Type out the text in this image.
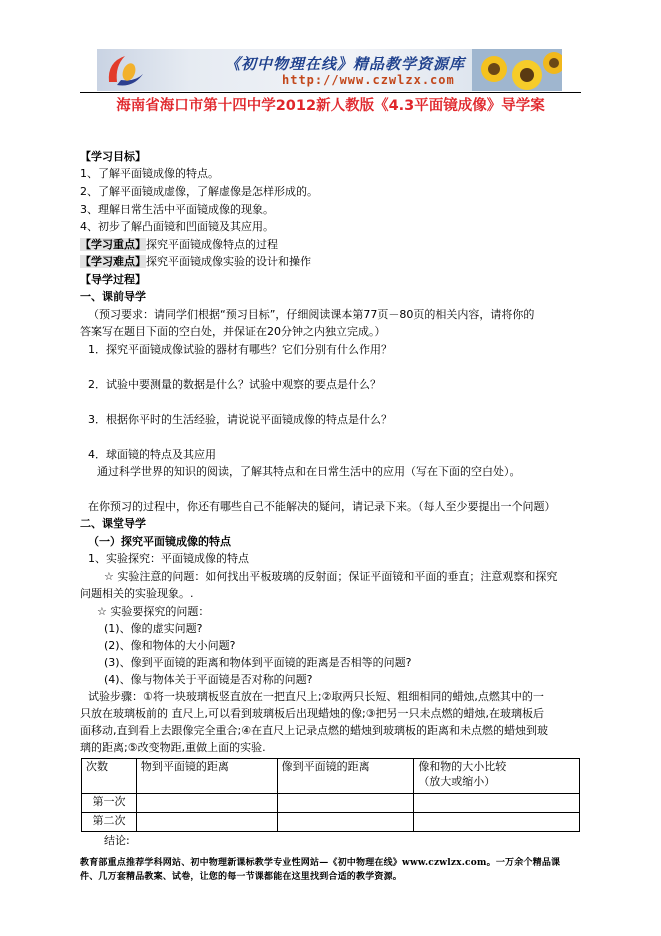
《初中物理在线》精品教学资源库
http://www.czwlzx.com
海南省海口市第十四中学2012新人教版《4.3平面镜成像》导学案
【学习目标】
1、了解平面镜成像的特点。
2、了解平面镜成虚像，了解虚像是怎样形成的。
3、理解日常生活中平面镜成像的现象。
4、初步了解凸面镜和凹面镜及其应用。
【学习重点】探究平面镜成像特点的过程
【学习难点】探究平面镜成像实验的设计和操作
【导学过程】
一、课前导学
（预习要求：请同学们根据“预习目标”，仔细阅读课本第77页－80页的相关内容，请将你的
答案写在题目下面的空白处，并保证在20分钟之内独立完成。）
1．探究平面镜成像试验的器材有哪些？它们分别有什么作用？
2．试验中要测量的数据是什么？试验中观察的要点是什么？
3．根据你平时的生活经验，请说说平面镜成像的特点是什么？
4．球面镜的特点及其应用
通过科学世界的知识的阅读，了解其特点和在日常生活中的应用（写在下面的空白处）。
在你预习的过程中，你还有哪些自己不能解决的疑问，请记录下来。（每人至少要提出一个问题）
二、课堂导学
（一）探究平面镜成像的特点
1、实验探究：平面镜成像的特点
☆ 实验注意的问题：如何找出平板玻璃的反射面；保证平面镜和平面的垂直；注意观察和探究
问题相关的实验现象。.
☆ 实验要探究的问题：
(1)、像的虚实问题?
(2)、像和物体的大小问题?
(3)、像到平面镜的距离和物体到平面镜的距离是否相等的问题?
(4)、像与物体关于平面镜是否对称的问题?
试验步骤：①将一块玻璃板竖直放在一把直尺上;②取两只长短、粗细相同的蜡烛,点燃其中的一
只放在玻璃板前的 直尺上,可以看到玻璃板后出现蜡烛的像;③把另一只未点燃的蜡烛,在玻璃板后
面移动,直到看上去跟像完全重合;④在直尺上记录点燃的蜡烛到玻璃板的距离和未点燃的蜡烛到玻
璃的距离;⑤改变物距,重做上面的实验.
次数	物到平面镜的距离	像到平面镜的距离	像和物的大小比较
（放大或缩小）

第一次			
第二次			
结论:
教育部重点推荐学科网站、初中物理新课标教学专业性网站—《初中物理在线》www.czwlzx.com。一万余个精品课
件、几万套精品教案、试卷，让您的每一节课都能在这里找到合适的教学资源。
